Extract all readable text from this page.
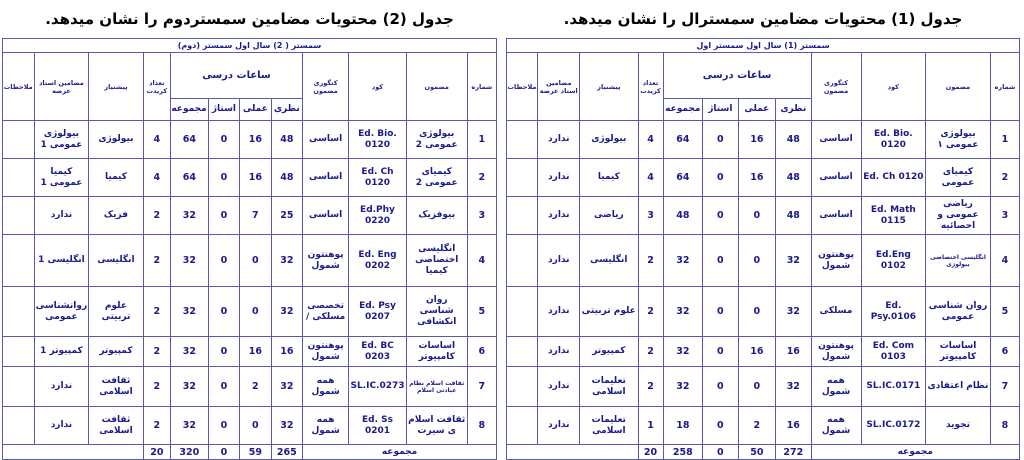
جدول (2) محتویات مضامین سمستردوم را نشان میدهد.
سمستر ( 2) سال اول سمستر (دوم)											
شماره	مضمون	کود	کتگوری مضمون	ساعات درسی				تعداد کریدت	پیشنیاز	مضامین استاد عرضه	ملاحظات
				نظری	عملی	استاژ	مجموعه				
1	بیولوژی عمومی 2	Ed. Bio. 0120	اساسی	48	16	0	64	4	بیولوژی	بیولوژی عمومی 1	
2	کیمیای عمومی 2	Ed. Ch 0120	اساسی	48	16	0	64	4	کیمیا	کیمیا عمومی 1	
3	بیوفزیک	Ed.Phy 0220	اساسی	25	7	0	32	2	فزیک	ندارد	
4	انگلیسی اختصاصی کیمیا	Ed. Eng 0202	پوهنتون شمول	32	0	0	32	2	انگلیسی	انگلیسی 1	
5	روان شناسی انکشافی	Ed. Psy 0207	تخصصی مسلکی /	32	0	0	32	2	علوم تربیتی	روانشناسی عمومی	
6	اساسات کامپیوتر	Ed. BC 0203	پوهنتون شمول	16	16	0	32	2	کمپیوتر	کمپیوتر 1	
7	ثقافت اسلام نظام عبادتی اسلام	SL.IC.0273	همه شمول	32	2	0	32	2	ثقافت اسلامی	ندارد	
8	ثقافت اسلام ی سیرت	Ed. Ss 0201	همه شمول	32	0	0	32	2	ثقافت اسلامی	ندارد	
مجموعه				265	59	0	320	20			
جدول (1) محتویات مضامین سمسترال را نشان میدهد.
سمستر (1) سال اول سمستر اول											
شماره	مضمون	کود	کتگوری مضمون	ساعات درسی				تعداد کریدت	پیشنیاز	مضامین استاد عرضه	ملاحظات
				نظری	عملی	استاژ	مجموعه				
1	بیولوژی عمومی ۱	Ed. Bio. 0120	اساسی	48	16	0	64	4	بیولوژی	ندارد	
2	کیمیای عمومی	Ed. Ch 0120	اساسی	48	16	0	64	4	کیمیا	ندارد	
3	ریاضی عمومی و احصائیه	Ed. Math 0115	اساسی	48	0	0	48	3	ریاضی	ندارد	
4	انگلیسی اختصاصی بیولوژی	Ed.Eng 0102	پوهنتون شمول	32	0	0	32	2	انگلیسی	ندارد	
5	روان شناسی عمومی	Ed. Psy.0106	مسلکی	32	0	0	32	2	علوم تربیتی	ندارد	
6	اساسات کامپیوتر	Ed. Com 0103	پوهنتون شمول	16	16	0	32	2	کمپیوتر	ندارد	
7	نظام اعتقادی	SL.IC.0171	همه شمول	32	0	0	32	2	تعلیمات اسلامی	ندارد	
8	تجوید	SL.IC.0172	همه شمول	16	2	0	18	1	تعلیمات اسلامی	ندارد	
مجموعه				272	50	0	258	20			
